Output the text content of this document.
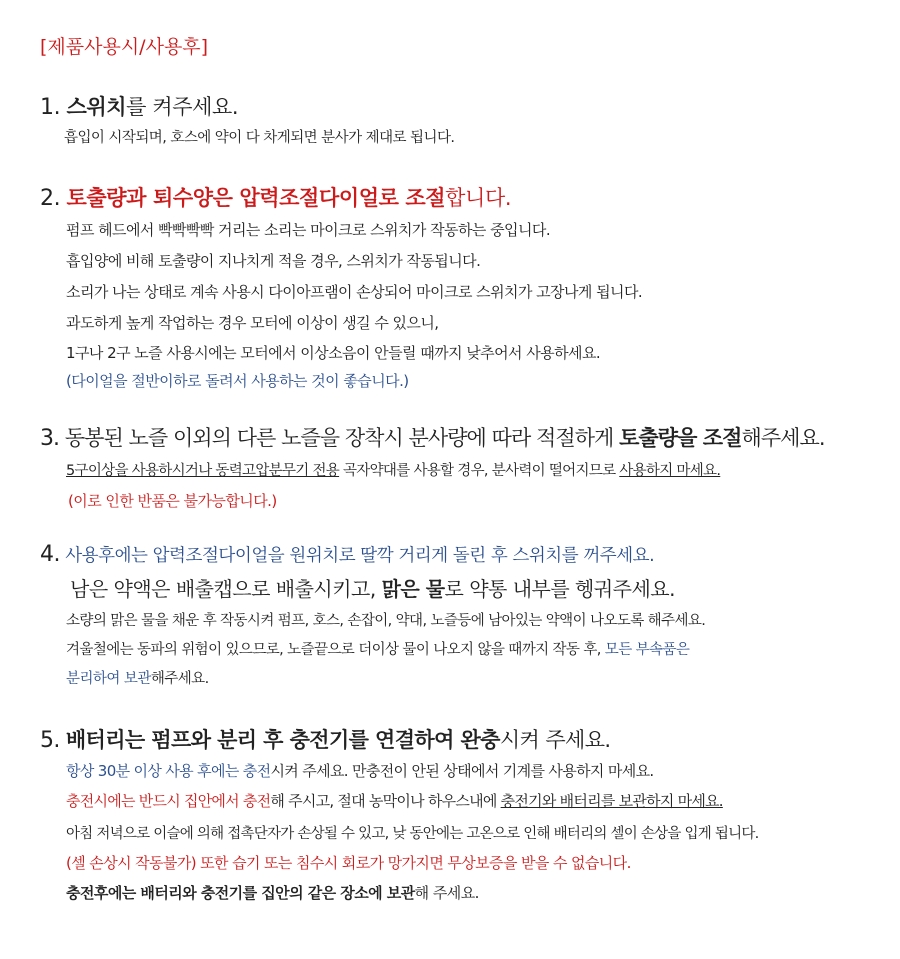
[제품사용시/사용후]

1. 스위치를 켜주세요.

흡입이 시작되며, 호스에 약이 다 차게되면 분사가 제대로 됩니다.

2. 토출량과 퇴수양은 압력조절다이얼로 조절합니다.

펌프 헤드에서 빡빡빡빡 거리는 소리는 마이크로 스위치가 작동하는 중입니다.

흡입양에 비해 토출량이 지나치게 적을 경우, 스위치가 작동됩니다.

소리가 나는 상태로 계속 사용시 다이아프램이 손상되어 마이크로 스위치가 고장나게 됩니다.

과도하게 높게 작업하는 경우 모터에 이상이 생길 수 있으니,

1구나 2구 노즐 사용시에는 모터에서 이상소음이 안들릴 때까지 낮추어서 사용하세요.

(다이얼을 절반이하로 돌려서 사용하는 것이 좋습니다.)

3. 동봉된 노즐 이외의 다른 노즐을 장착시 분사량에 따라 적절하게 토출량을 조절해주세요.

5구이상을 사용하시거나 동력고압분무기 전용 곡자약대를 사용할 경우, 분사력이 떨어지므로 사용하지 마세요.

(이로 인한 반품은 불가능합니다.)

4. 사용후에는 압력조절다이얼을 원위치로 딸깍 거리게 돌린 후 스위치를 꺼주세요.

남은 약액은 배출캡으로 배출시키고, 맑은 물로 약통 내부를 헹궈주세요.

소량의 맑은 물을 채운 후 작동시켜 펌프, 호스, 손잡이, 약대, 노즐등에 남아있는 약액이 나오도록 해주세요.

겨울철에는 동파의 위험이 있으므로, 노즐끝으로 더이상 물이 나오지 않을 때까지 작동 후, 모든 부속품은

분리하여 보관해주세요.

5. 배터리는 펌프와 분리 후 충전기를 연결하여 완충시켜 주세요.

항상 30분 이상 사용 후에는 충전시켜 주세요. 만충전이 안된 상태에서 기계를 사용하지 마세요.

충전시에는 반드시 집안에서 충전해 주시고, 절대 농막이나 하우스내에 충전기와 배터리를 보관하지 마세요.

아침 저녁으로 이슬에 의해 접촉단자가 손상될 수 있고, 낮 동안에는 고온으로 인해 배터리의 셀이 손상을 입게 됩니다.

(셀 손상시 작동불가) 또한 습기 또는 침수시 회로가 망가지면 무상보증을 받을 수 없습니다.

충전후에는 배터리와 충전기를 집안의 같은 장소에 보관해 주세요.
